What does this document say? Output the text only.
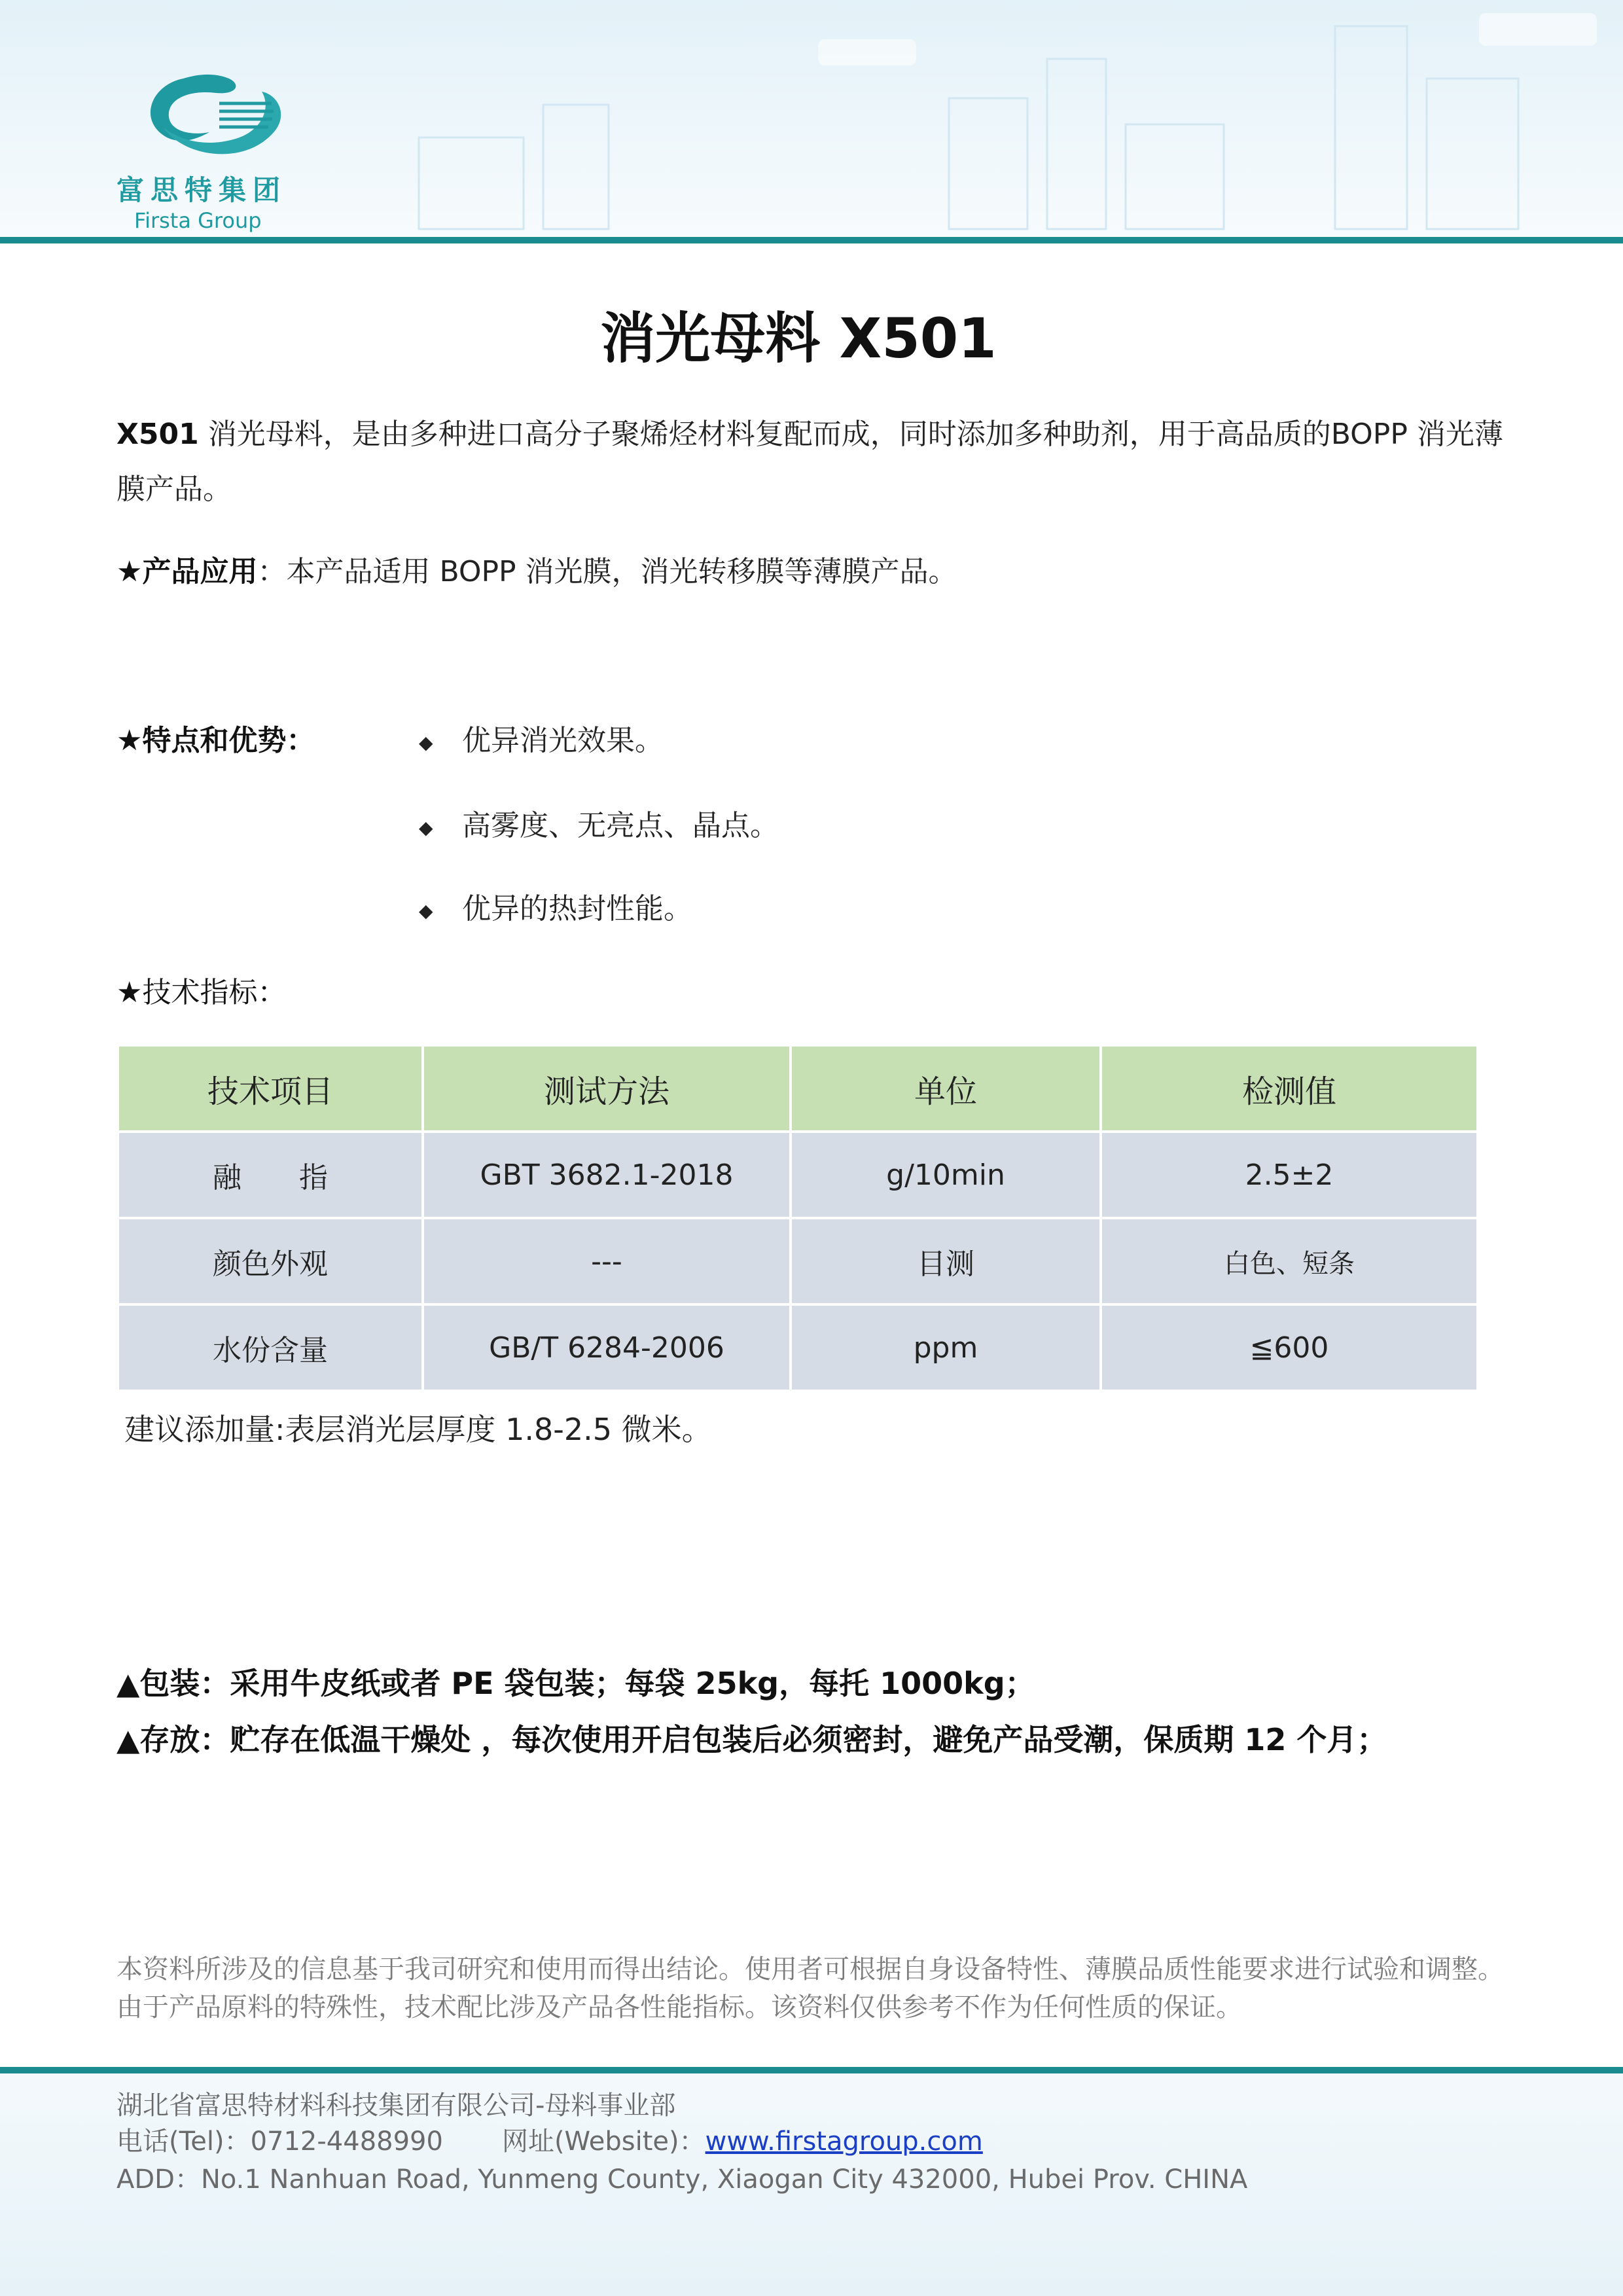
富思特集团
Firsta Group
消光母料 X501
X501 消光母料，是由多种进口高分子聚烯烃材料复配而成，同时添加多种助剂，用于高品质的BOPP 消光薄膜产品。
★产品应用：本产品适用 BOPP 消光膜，消光转移膜等薄膜产品。
★特点和优势：	◆ 优异消光效果。
◆ 高雾度、无亮点、晶点。
◆ 优异的热封性能。
★技术指标：
技术项目	测试方法	单位	检测值
融　　指	GBT 3682.1-2018	g/10min	2.5±2
颜色外观	---	目测	白色、短条
水份含量	GB/T 6284-2006	ppm	≦600
建议添加量:表层消光层厚度 1.8-2.5 微米。
▲包装：采用牛皮纸或者 PE 袋包装；每袋 25kg，每托 1000kg；
▲存放：贮存在低温干燥处 ，每次使用开启包装后必须密封，避免产品受潮，保质期 12 个月；
本资料所涉及的信息基于我司研究和使用而得出结论。使用者可根据自身设备特性、薄膜品质性能要求进行试验和调整。由于产品原料的特殊性，技术配比涉及产品各性能指标。该资料仅供参考不作为任何性质的保证。
湖北省富思特材料科技集团有限公司-母料事业部
电话(Tel)：0712-4488990 网址(Website)：www.firstagroup.com
ADD：No.1 Nanhuan Road, Yunmeng County, Xiaogan City 432000, Hubei Prov. CHINA
